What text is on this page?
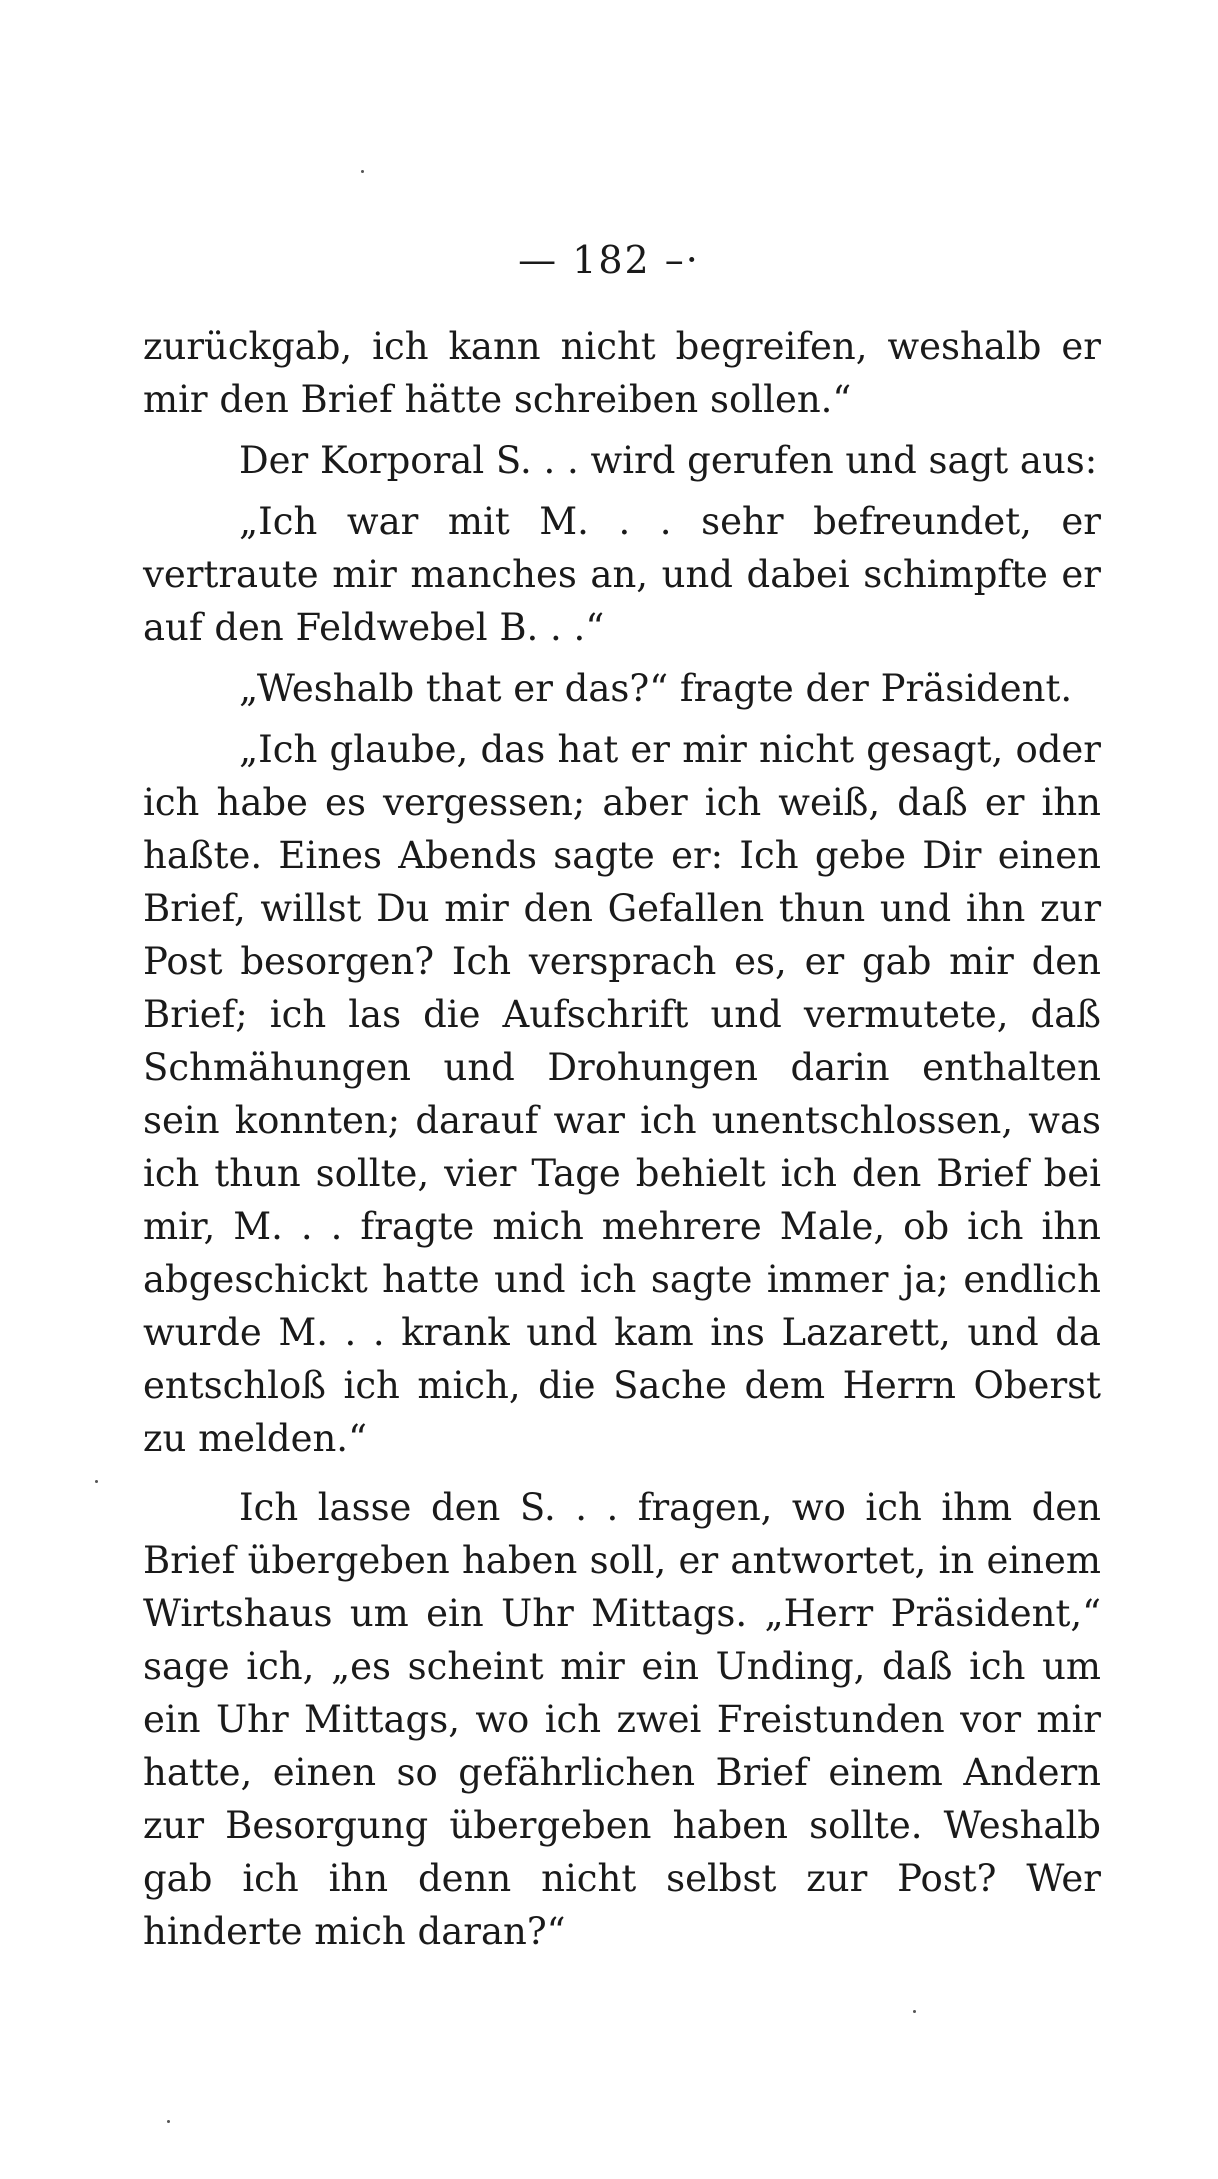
— 182 –·

zurückgab, ich kann nicht begreifen, weshalb er mir den Brief hätte schreiben sollen.“

Der Korporal S. . . wird gerufen und sagt aus:

„Ich war mit M. . . sehr befreundet, er vertraute mir manches an, und dabei schimpfte er auf den Feldwebel B. . .“

„Weshalb that er das?“ fragte der Präsident.

„Ich glaube, das hat er mir nicht gesagt, oder ich habe es vergessen; aber ich weiß, daß er ihn haßte. Eines Abends sagte er: Ich gebe Dir einen Brief, willst Du mir den Gefallen thun und ihn zur Post besorgen? Ich versprach es, er gab mir den Brief; ich las die Aufschrift und vermutete, daß Schmähungen und Drohungen darin enthalten sein konnten; darauf war ich unentschlossen, was ich thun sollte, vier Tage behielt ich den Brief bei mir, M. . . fragte mich mehrere Male, ob ich ihn abgeschickt hatte und ich sagte immer ja; endlich wurde M. . . krank und kam ins Lazarett, und da entschloß ich mich, die Sache dem Herrn Oberst zu melden.“

Ich lasse den S. . . fragen, wo ich ihm den Brief übergeben haben soll, er antwortet, in einem Wirtshaus um ein Uhr Mittags. „Herr Präsident,“ sage ich, „es scheint mir ein Unding, daß ich um ein Uhr Mittags, wo ich zwei Freistunden vor mir hatte, einen so gefährlichen Brief einem Andern zur Besorgung übergeben haben sollte. Weshalb gab ich ihn denn nicht selbst zur Post? Wer hinderte mich daran?“
